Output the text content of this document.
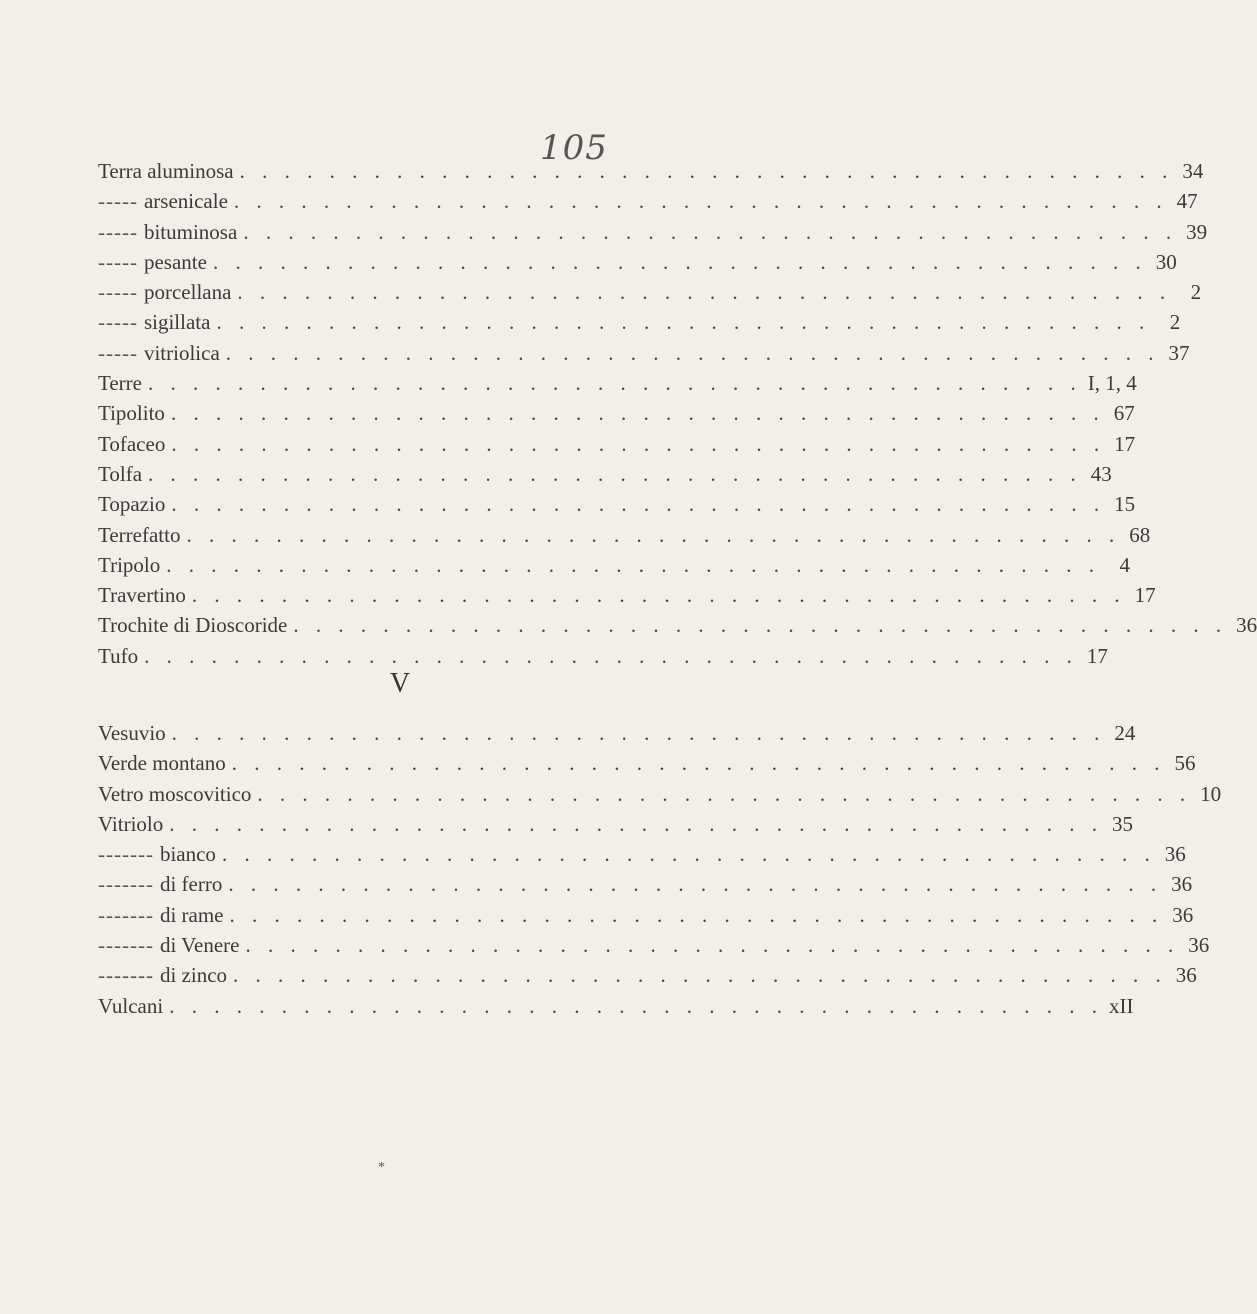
105
Terra aluminosa . . . . . . . . . . . . . . . . . . . . . . . . . . . . . . . . . . . . . . . . . . 34
----- arsenicale . . . . . . . . . . . . . . . . . . . . . . . . . . . . . . . . . . . . . . . . . . 47
----- bituminosa . . . . . . . . . . . . . . . . . . . . . . . . . . . . . . . . . . . . . . . . . . 39
----- pesante . . . . . . . . . . . . . . . . . . . . . . . . . . . . . . . . . . . . . . . . . . 30
----- porcellana . . . . . . . . . . . . . . . . . . . . . . . . . . . . . . . . . . . . . . . . . . 2
----- sigillata . . . . . . . . . . . . . . . . . . . . . . . . . . . . . . . . . . . . . . . . . . 2
----- vitriolica . . . . . . . . . . . . . . . . . . . . . . . . . . . . . . . . . . . . . . . . . . 37
Terre . . . . . . . . . . . . . . . . . . . . . . . . . . . . . . . . . . . . . . . . . . I, 1, 4
Tipolito . . . . . . . . . . . . . . . . . . . . . . . . . . . . . . . . . . . . . . . . . . 67
Tofaceo . . . . . . . . . . . . . . . . . . . . . . . . . . . . . . . . . . . . . . . . . . 17
Tolfa . . . . . . . . . . . . . . . . . . . . . . . . . . . . . . . . . . . . . . . . . . 43
Topazio . . . . . . . . . . . . . . . . . . . . . . . . . . . . . . . . . . . . . . . . . . 15
Terrefatto . . . . . . . . . . . . . . . . . . . . . . . . . . . . . . . . . . . . . . . . . . 68
Tripolo . . . . . . . . . . . . . . . . . . . . . . . . . . . . . . . . . . . . . . . . . . 4
Travertino . . . . . . . . . . . . . . . . . . . . . . . . . . . . . . . . . . . . . . . . . . 17
Trochite di Dioscoride . . . . . . . . . . . . . . . . . . . . . . . . . . . . . . . . . . . . . . . . . . 36
Tufo . . . . . . . . . . . . . . . . . . . . . . . . . . . . . . . . . . . . . . . . . . 17
V
Vesuvio . . . . . . . . . . . . . . . . . . . . . . . . . . . . . . . . . . . . . . . . . . 24
Verde montano . . . . . . . . . . . . . . . . . . . . . . . . . . . . . . . . . . . . . . . . . . 56
Vetro moscovitico . . . . . . . . . . . . . . . . . . . . . . . . . . . . . . . . . . . . . . . . . . 10
Vitriolo . . . . . . . . . . . . . . . . . . . . . . . . . . . . . . . . . . . . . . . . . . 35
------- bianco . . . . . . . . . . . . . . . . . . . . . . . . . . . . . . . . . . . . . . . . . . 36
------- di ferro . . . . . . . . . . . . . . . . . . . . . . . . . . . . . . . . . . . . . . . . . . 36
------- di rame . . . . . . . . . . . . . . . . . . . . . . . . . . . . . . . . . . . . . . . . . . 36
------- di Venere . . . . . . . . . . . . . . . . . . . . . . . . . . . . . . . . . . . . . . . . . . 36
------- di zinco . . . . . . . . . . . . . . . . . . . . . . . . . . . . . . . . . . . . . . . . . . 36
Vulcani . . . . . . . . . . . . . . . . . . . . . . . . . . . . . . . . . . . . . . . . . . xII
*
